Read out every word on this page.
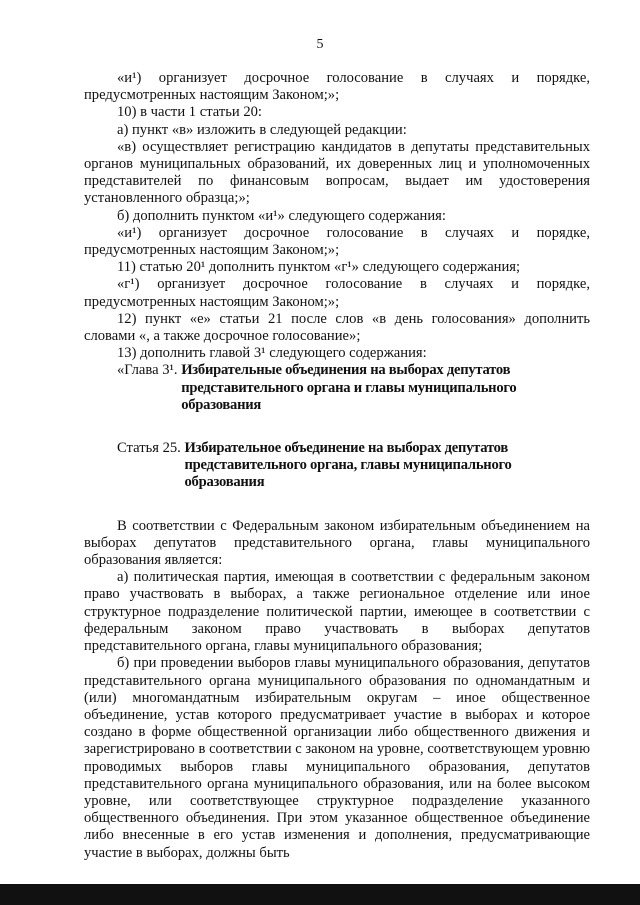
5

«и¹) организует досрочное голосование в случаях и порядке, предусмотренных настоящим Законом;»;

10) в части 1 статьи 20:

а) пункт «в» изложить в следующей редакции:

«в) осуществляет регистрацию кандидатов в депутаты представительных органов муниципальных образований, их доверенных лиц и уполномоченных представителей по финансовым вопросам, выдает им удостоверения установленного образца;»;

б) дополнить пунктом «и¹» следующего содержания:

«и¹) организует досрочное голосование в случаях и порядке, предусмотренных настоящим Законом;»;

11) статью 20¹ дополнить пунктом «г¹» следующего содержания;

«г¹) организует досрочное голосование в случаях и порядке, предусмотренных настоящим Законом;»;

12) пункт «е» статьи 21 после слов «в день голосования» дополнить словами «, а также досрочное голосование»;

13) дополнить главой 3¹ следующего содержания:

«Глава 3¹. Избирательные объединения на выборах депутатов представительного органа и главы муниципального образования
Статья 25. Избирательное объединение на выборах депутатов представительного органа, главы муниципального образования

В соответствии с Федеральным законом избирательным объединением на выборах депутатов представительного органа, главы муниципального образования является:

а) политическая партия, имеющая в соответствии с федеральным законом право участвовать в выборах, а также региональное отделение или иное структурное подразделение политической партии, имеющее в соответствии с федеральным законом право участвовать в выборах депутатов представительного органа, главы муниципального образования;

б) при проведении выборов главы муниципального образования, депутатов представительного органа муниципального образования по одномандатным и (или) многомандатным избирательным округам – иное общественное объединение, устав которого предусматривает участие в выборах и которое создано в форме общественной организации либо общественного движения и зарегистрировано в соответствии с законом на уровне, соответствующем уровню проводимых выборов главы муниципального образования, депутатов представительного органа муниципального образования, или на более высоком уровне, или соответствующее структурное подразделение указанного общественного объединения. При этом указанное общественное объединение либо внесенные в его устав изменения и дополнения, предусматривающие участие в выборах, должны быть
